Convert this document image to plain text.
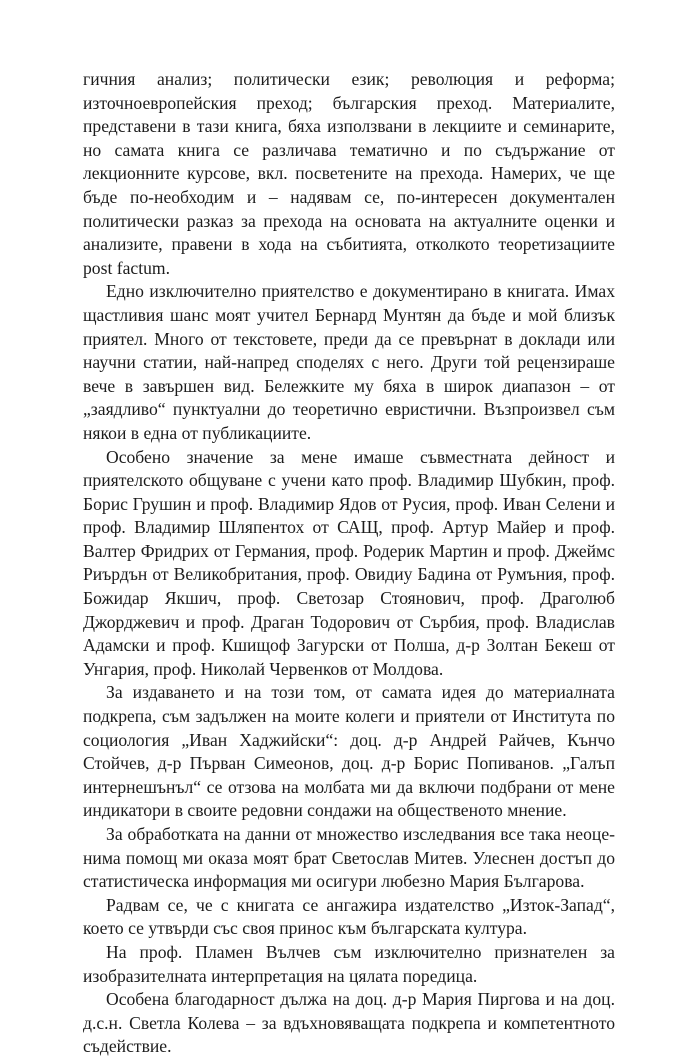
гичния анализ; политически език; революция и реформа; източноевропейския преход; българския преход. Материалите, представени в тази книга, бяха използвани в лекциите и семинарите, но самата книга се различава тематично и по съдържание от лекционните курсове, вкл. посветените на прехода. Намерих, че ще бъде по-необходим и – надявам се, по-интересен документален политически разказ за прехода на основата на актуалните оценки и анализите, правени в хода на събитията, отколкото теоретизациите post factum.

Едно изключително приятелство е документирано в книгата. Имах щастливия шанс моят учител Бернард Мунтян да бъде и мой близък приятел. Много от текстовете, преди да се превърнат в доклади или научни статии, най-напред споделях с него. Други той рецензираше вече в завършен вид. Бележките му бяха в широк диапазон – от „заядливо“ пунктуални до теоретично евристични. Възпроизвел съм някои в една от публикациите.

Особено значение за мене имаше съвместната дейност и приятелското общуване с учени като проф. Владимир Шубкин, проф. Борис Грушин и проф. Владимир Ядов от Русия, проф. Иван Селени и проф. Владимир Шляпентох от САЩ, проф. Артур Майер и проф. Валтер Фридрих от Германия, проф. Родерик Мартин и проф. Джеймс Риърдън от Великобритания, проф. Овидиу Бадина от Румъния, проф. Божидар Якшич, проф. Светозар Стоянович, проф. Драголюб Джорджевич и проф. Драган Тодорович от Сърбия, проф. Владислав Адамски и проф. Кшищоф Загурски от Полша, д-р Золтан Бекеш от Унгария, проф. Николай Червенков от Молдова.

За издаването и на този том, от самата идея до материалната подкрепа, съм задължен на моите колеги и приятели от Института по социология „Иван Хаджийски“: доц. д-р Андрей Райчев, Кънчо Стойчев, д-р Първан Симеонов, доц. д-р Борис Попиванов. „Галъп интернешънъл“ се отзова на молбата ми да включи подбрани от мене индикатори в своите редовни сондажи на общественото мнение.

За обработката на данни от множество изследвания все така неоценима помощ ми оказа моят брат Светослав Митев. Улеснен достъп до статистическа информация ми осигури любезно Мария Българова.

Радвам се, че с книгата се ангажира издателство „Изток-Запад“, което се утвърди със своя принос към българската култура.

На проф. Пламен Вълчев съм изключително признателен за изобразителната интерпретация на цялата поредица.

Особена благодарност дължа на доц. д-р Мария Пиргова и на доц. д.с.н. Светла Колева – за вдъхновяващата подкрепа и компетентното съдействие.
